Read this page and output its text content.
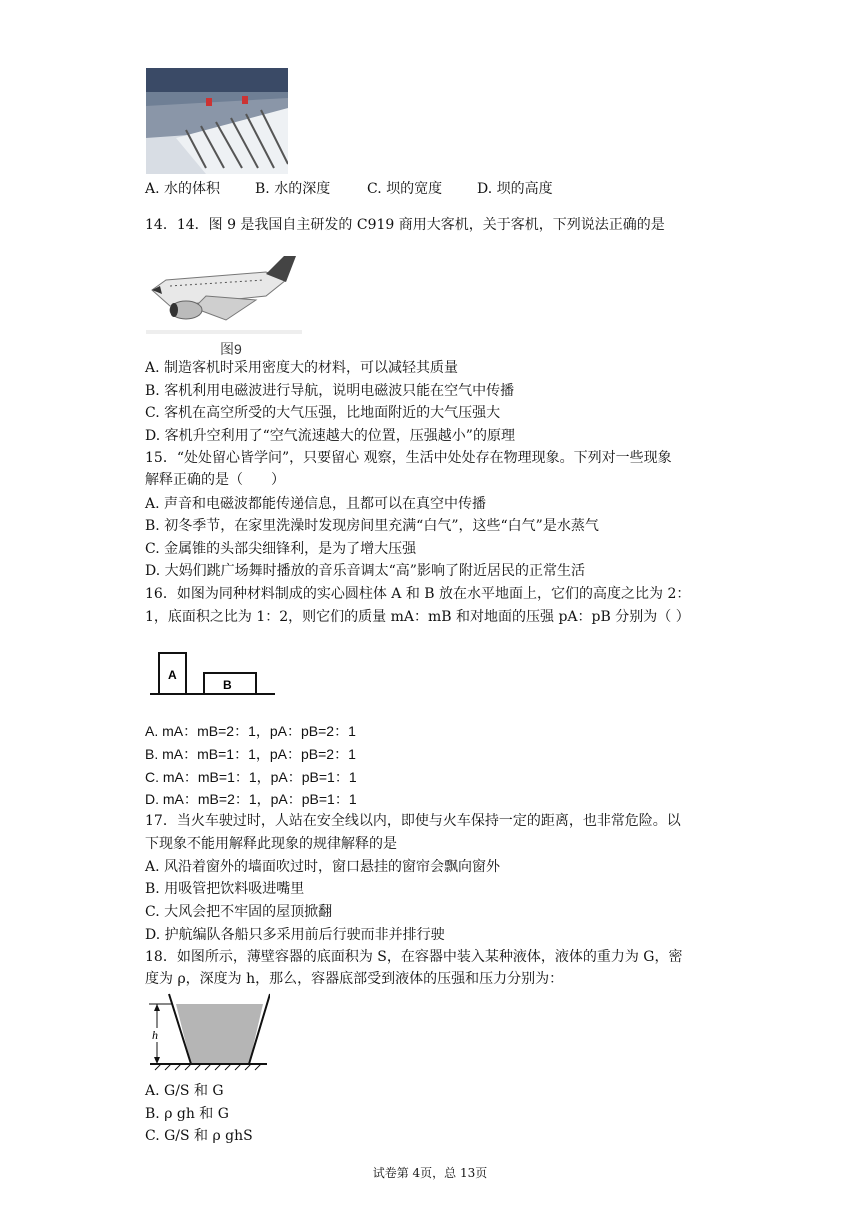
A. 水的体积 B. 水的深度	C. 坝的宽度 D. 坝的高度
14．14．图 9 是我国自主研发的 C919 商用大客机，关于客机，下列说法正确的是
图9
A. 制造客机时采用密度大的材料，可以减轻其质量
B. 客机利用电磁波进行导航，说明电磁波只能在空气中传播
C. 客机在高空所受的大气压强，比地面附近的大气压强大
D. 客机升空利用了“空气流速越大的位置，压强越小”的原理
15．“处处留心皆学问”，只要留心 观察，生活中处处存在物理现象。下列对一些现象
解释正确的是（　　）
A. 声音和电磁波都能传递信息，且都可以在真空中传播
B. 初冬季节，在家里洗澡时发现房间里充满“白气”，这些“白气”是水蒸气
C. 金属锥的头部尖细锋利，是为了增大压强
D. 大妈们跳广场舞时播放的音乐音调太“高”影响了附近居民的正常生活
16．如图为同种材料制成的实心圆柱体 A 和 B 放在水平地面上，它们的高度之比为 2：
1，底面积之比为 1：2，则它们的质量 mA：mB 和对地面的压强 pA：pB 分别为（ ）
A
B
A. mA：mB=2：1，pA：pB=2：1
B. mA：mB=1：1，pA：pB=2：1
C. mA：mB=1：1，pA：pB=1：1
D. mA：mB=2：1，pA：pB=1：1
17．当火车驶过时，人站在安全线以内，即使与火车保持一定的距离，也非常危险。以
下现象不能用解释此现象的规律解释的是
A. 风沿着窗外的墙面吹过时，窗口悬挂的窗帘会飘向窗外
B. 用吸管把饮料吸进嘴里
C. 大风会把不牢固的屋顶掀翻
D. 护航编队各船只多采用前后行驶而非并排行驶
18．如图所示，薄壁容器的底面积为 S，在容器中装入某种液体，液体的重力为 G，密
度为 ρ，深度为 h，那么，容器底部受到液体的压强和压力分别为：
h
A. G/S 和 G
B. ρ gh 和 G
C. G/S 和 ρ ghS
试卷第 4页，总 13页
